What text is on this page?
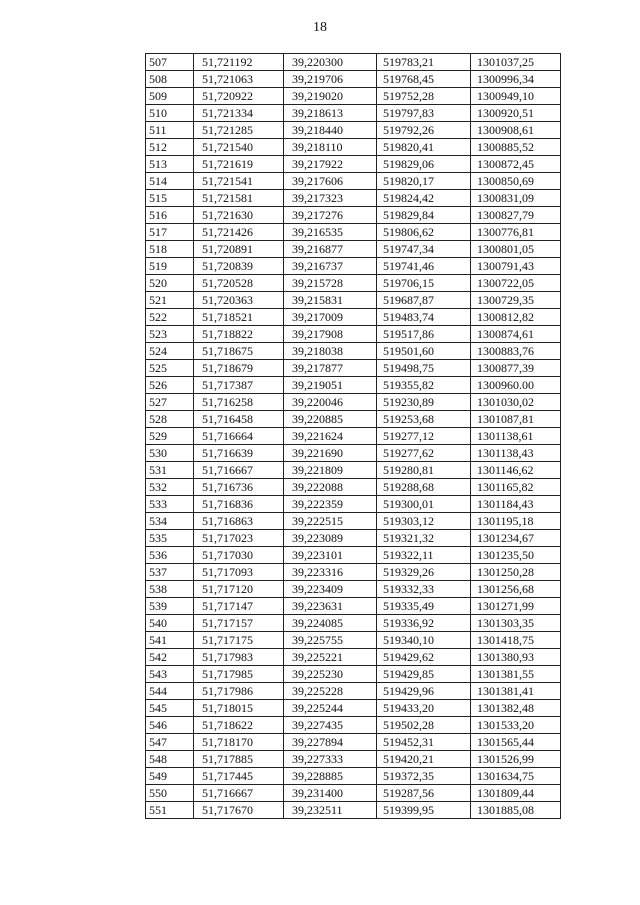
18
507	51,721192	39,220300	519783,21	1301037,25
508	51,721063	39,219706	519768,45	1300996,34
509	51,720922	39,219020	519752,28	1300949,10
510	51,721334	39,218613	519797,83	1300920,51
511	51,721285	39,218440	519792,26	1300908,61
512	51,721540	39,218110	519820,41	1300885,52
513	51,721619	39,217922	519829,06	1300872,45
514	51,721541	39,217606	519820,17	1300850,69
515	51,721581	39,217323	519824,42	1300831,09
516	51,721630	39,217276	519829,84	1300827,79
517	51,721426	39,216535	519806,62	1300776,81
518	51,720891	39,216877	519747,34	1300801,05
519	51,720839	39,216737	519741,46	1300791,43
520	51,720528	39,215728	519706,15	1300722,05
521	51,720363	39,215831	519687,87	1300729,35
522	51,718521	39,217009	519483,74	1300812,82
523	51,718822	39,217908	519517,86	1300874,61
524	51,718675	39,218038	519501,60	1300883,76
525	51,718679	39,217877	519498,75	1300877,39
526	51,717387	39,219051	519355,82	1300960.00
527	51,716258	39,220046	519230,89	1301030,02
528	51,716458	39,220885	519253,68	1301087,81
529	51,716664	39,221624	519277,12	1301138,61
530	51,716639	39,221690	519277,62	1301138,43
531	51,716667	39,221809	519280,81	1301146,62
532	51,716736	39,222088	519288,68	1301165,82
533	51,716836	39,222359	519300,01	1301184,43
534	51,716863	39,222515	519303,12	1301195,18
535	51,717023	39,223089	519321,32	1301234,67
536	51,717030	39,223101	519322,11	1301235,50
537	51,717093	39,223316	519329,26	1301250,28
538	51,717120	39,223409	519332,33	1301256,68
539	51,717147	39,223631	519335,49	1301271,99
540	51,717157	39,224085	519336,92	1301303,35
541	51,717175	39,225755	519340,10	1301418,75
542	51,717983	39,225221	519429,62	1301380,93
543	51,717985	39,225230	519429,85	1301381,55
544	51,717986	39,225228	519429,96	1301381,41
545	51,718015	39,225244	519433,20	1301382,48
546	51,718622	39,227435	519502,28	1301533,20
547	51,718170	39,227894	519452,31	1301565,44
548	51,717885	39,227333	519420,21	1301526,99
549	51,717445	39,228885	519372,35	1301634,75
550	51,716667	39,231400	519287,56	1301809,44
551	51,717670	39,232511	519399,95	1301885,08
